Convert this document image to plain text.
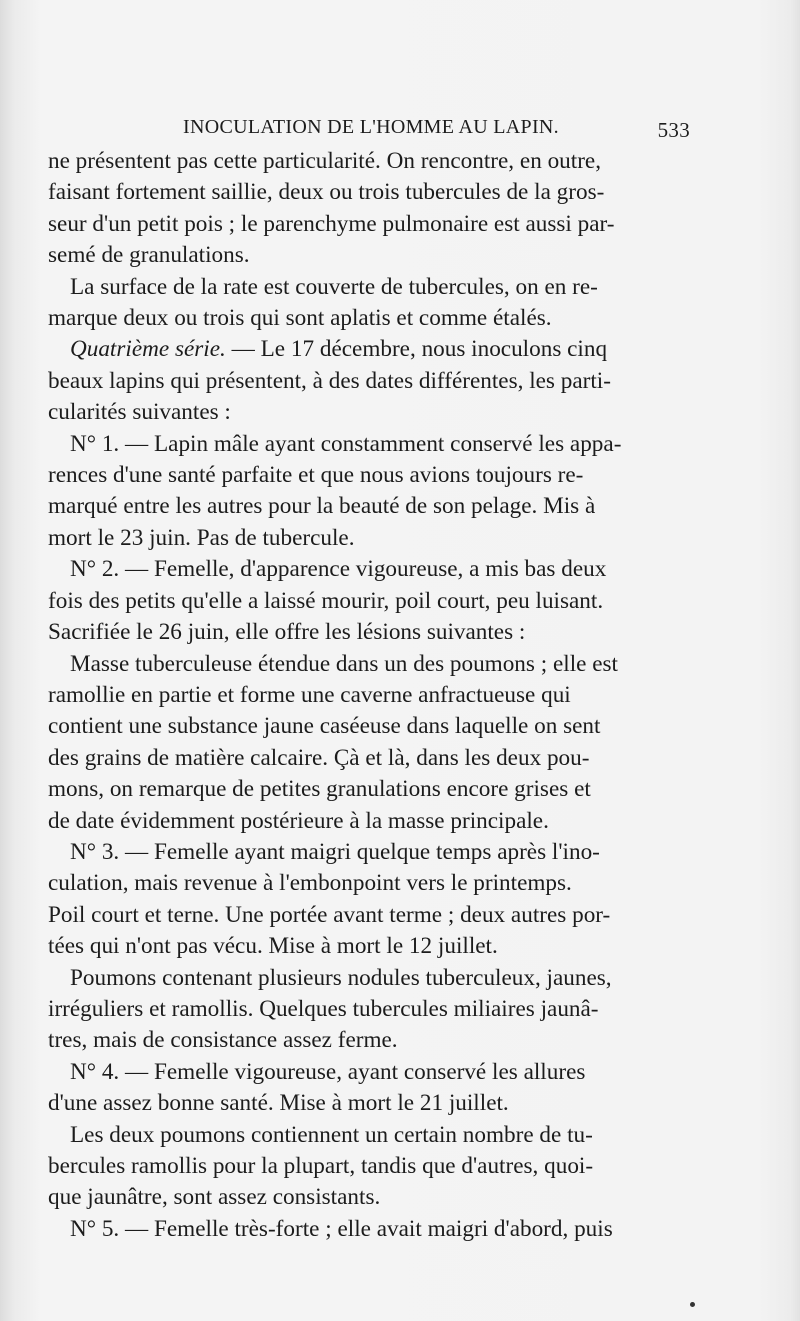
INOCULATION DE L'HOMME AU LAPIN.	533

ne présentent pas cette particularité. On rencontre, en outre,
faisant fortement saillie, deux ou trois tubercules de la gros-
seur d'un petit pois ; le parenchyme pulmonaire est aussi par-
semé de granulations.

La surface de la rate est couverte de tubercules, on en re-
marque deux ou trois qui sont aplatis et comme étalés.

Quatrième série. — Le 17 décembre, nous inoculons cinq
beaux lapins qui présentent, à des dates différentes, les parti-
cularités suivantes :

N° 1. — Lapin mâle ayant constamment conservé les appa-
rences d'une santé parfaite et que nous avions toujours re-
marqué entre les autres pour la beauté de son pelage. Mis à
mort le 23 juin. Pas de tubercule.

N° 2. — Femelle, d'apparence vigoureuse, a mis bas deux
fois des petits qu'elle a laissé mourir, poil court, peu luisant.
Sacrifiée le 26 juin, elle offre les lésions suivantes :

Masse tuberculeuse étendue dans un des poumons ; elle est
ramollie en partie et forme une caverne anfractueuse qui
contient une substance jaune caséeuse dans laquelle on sent
des grains de matière calcaire. Çà et là, dans les deux pou-
mons, on remarque de petites granulations encore grises et
de date évidemment postérieure à la masse principale.

N° 3. — Femelle ayant maigri quelque temps après l'ino-
culation, mais revenue à l'embonpoint vers le printemps.
Poil court et terne. Une portée avant terme ; deux autres por-
tées qui n'ont pas vécu. Mise à mort le 12 juillet.

Poumons contenant plusieurs nodules tuberculeux, jaunes,
irréguliers et ramollis. Quelques tubercules miliaires jaunâ-
tres, mais de consistance assez ferme.

N° 4. — Femelle vigoureuse, ayant conservé les allures
d'une assez bonne santé. Mise à mort le 21 juillet.

Les deux poumons contiennent un certain nombre de tu-
bercules ramollis pour la plupart, tandis que d'autres, quoi-
que jaunâtre, sont assez consistants.

N° 5. — Femelle très-forte ; elle avait maigri d'abord, puis
